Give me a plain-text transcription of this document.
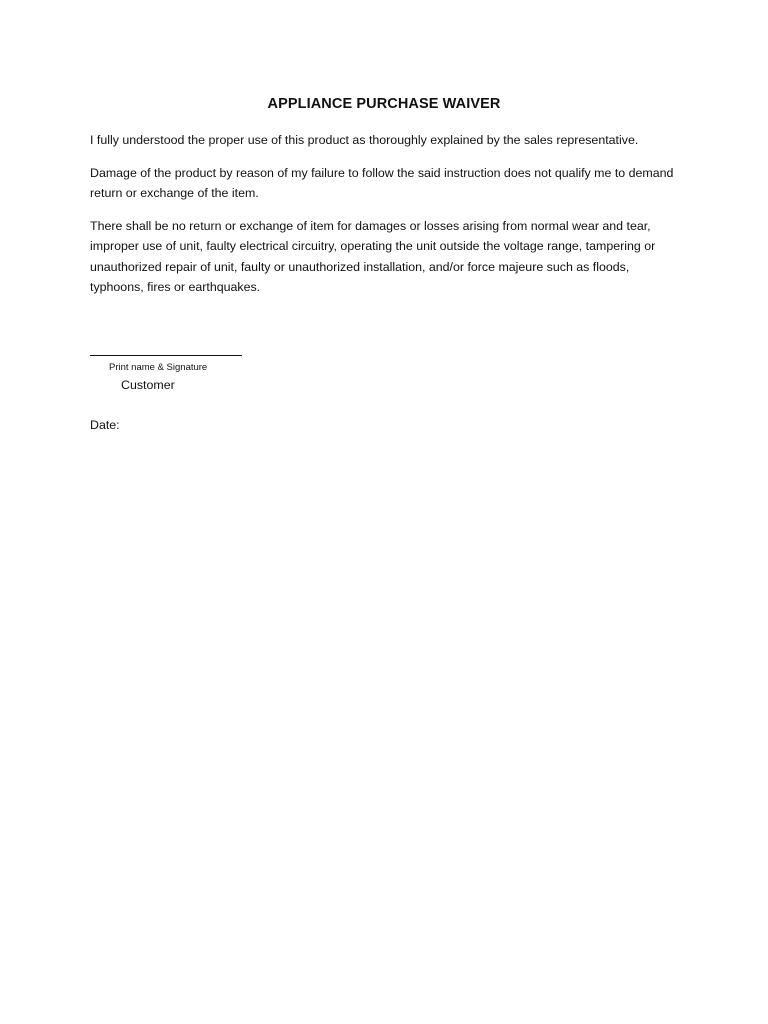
APPLIANCE PURCHASE WAIVER

I fully understood the proper use of this product as thoroughly explained by the sales representative.

Damage of the product by reason of my failure to follow the said instruction does not qualify me to demand return or exchange of the item.

There shall be no return or exchange of item for damages or losses arising from normal wear and tear, improper use of unit, faulty electrical circuitry, operating the unit outside the voltage range, tampering or unauthorized repair of unit, faulty or unauthorized installation, and/or force majeure such as floods, typhoons, fires or earthquakes.

Print name & Signature
Customer
Date:
